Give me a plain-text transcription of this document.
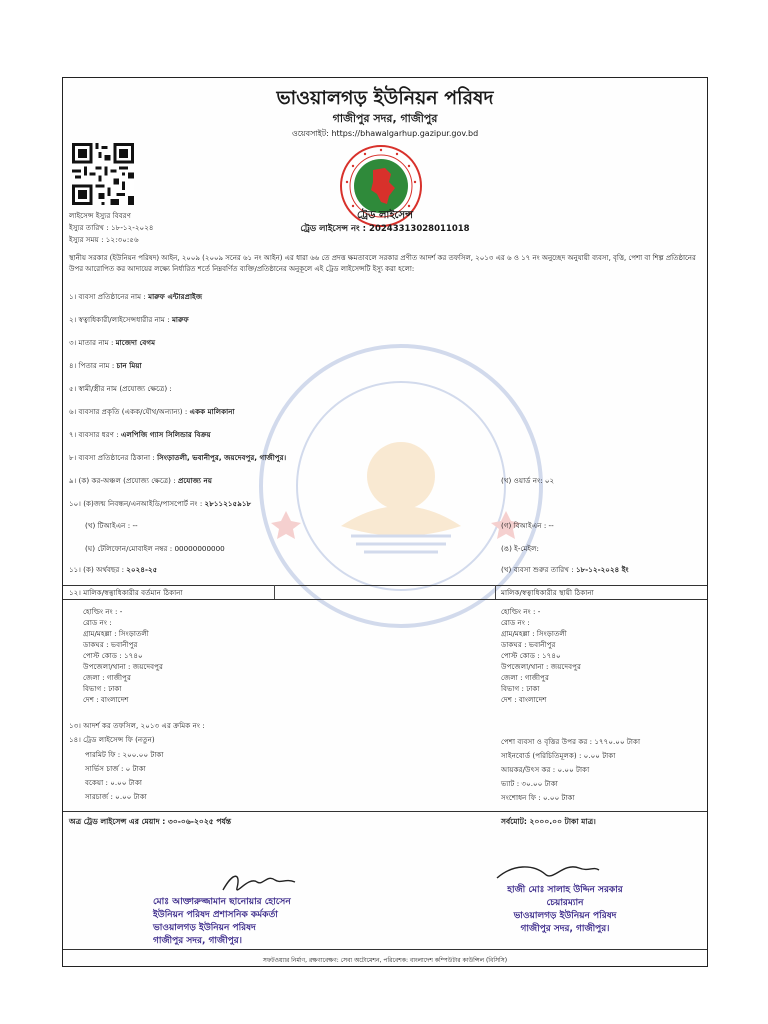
ভাওয়ালগড় ইউনিয়ন পরিষদ
গাজীপুর সদর, গাজীপুর
ওয়েবসাইট: https://bhawalgarhup.gazipur.gov.bd
লাইসেন্স ইস্যুর বিবরণ
ইস্যুর তারিখ : ১৮-১২-২০২৪
ইস্যুর সময় : ১২:৩০:৫৬
ট্রেড লাইসেন্স
ট্রেড লাইসেন্স নং : 20243313028011018
স্থানীয় সরকার (ইউনিয়ন পরিষদ) আইন, ২০০৯ (২০০৯ সনের ৬১ নং আইন) এর ধারা ৬৬ তে প্রদত্ত ক্ষমতাবলে সরকার প্রণীত আদর্শ কর তফসিল, ২০১৩ এর ৬ ও ১৭ নং অনুচ্ছেদ অনুযায়ী ব্যবসা, বৃত্তি, পেশা বা শিল্প প্রতিষ্ঠানের উপর আরোপিত কর আদায়ের লক্ষ্যে নির্ধারিত শর্তে নিম্নবর্ণিত ব্যক্তি/প্রতিষ্ঠানের অনুকূলে এই ট্রেড লাইসেন্সটি ইস্যু করা হলো:
১। ব্যবসা প্রতিষ্ঠানের নাম : মারুফ এন্টারপ্রাইজ
২। স্বত্বাধিকারী/লাইসেন্সধারীর নাম : মারুফ
৩। মাতার নাম : মাজেদা বেগম
৪। পিতার নাম : চান মিয়া
৫। স্বামী/স্ত্রীর নাম (প্রযোজ্য ক্ষেত্রে) :
৬। ব্যবসার প্রকৃতি (একক/যৌথ/অন্যান্য) : একক মালিকানা
৭। ব্যবসার ধরণ : এলপিজি গ্যাস সিলিন্ডার বিক্রয়
৮। ব্যবসা প্রতিষ্ঠানের ঠিকানা : সিংড়াতলী, ভবানীপুর, জয়দেবপুর, গাজীপুর।
৯। (ক) কর-অঞ্চল (প্রযোজ্য ক্ষেত্রে) : প্রযোজ্য নয়	(খ) ওয়ার্ড নং: ০২
১০। (ক)জন্ম নিবন্ধন/এনআইডি/পাসপোর্ট নং : ২৮১১২১৫৯১৮
(খ) টিআইএন : --	(গ) বিআইএন : --
(ঘ) টেলিফোন/মোবাইল নম্বর : 00000000000	(ঙ) ই-মেইল:
১১। (ক) অর্থবছর : ২০২৪-২৫	(খ) ব্যবসা শুরুর তারিখ : ১৮-১২-২০২৪ ইং
১২। মালিক/স্বত্বাধিকারীর বর্তমান ঠিকানা	মালিক/স্বত্বাধিকারীর স্থায়ী ঠিকানা
হোল্ডিং নং : -
রোড নং :
গ্রাম/মহল্লা : সিংড়াতলী
ডাকঘর : ভবানীপুর
পোস্ট কোড : ১৭৪০
উপজেলা/থানা : জয়দেবপুর
জেলা : গাজীপুর
বিভাগ : ঢাকা
দেশ : বাংলাদেশ
হোল্ডিং নং : -
রোড নং :
গ্রাম/মহল্লা : সিংড়াতলী
ডাকঘর : ভবানীপুর
পোস্ট কোড : ১৭৪০
উপজেলা/থানা : জয়দেবপুর
জেলা : গাজীপুর
বিভাগ : ঢাকা
দেশ : বাংলাদেশ
১৩। আদর্শ কর তফসিল, ২০১৩ এর ক্রমিক নং :
১৪। ট্রেড লাইসেন্স ফি (নতুন)
পারমিট ফি : ২০০.০০ টাকা
সার্ভিস চার্জ : ০ টাকা
বকেয়া : ০.০০ টাকা
সারচার্জ : ০.০০ টাকা
পেশা ব্যবসা ও বৃত্তির উপর কর : ১৭৭০.০০ টাকা
সাইনবোর্ড (পরিচিতিমূলক) : ০.০০ টাকা
আয়কর/উৎস কর : ০.০০ টাকা
ভ্যাট : ৩০.০০ টাকা
সংশোধন ফি : ০.০০ টাকা
অত্র ট্রেড লাইসেন্স এর মেয়াদ : ৩০-০৬-২০২৫ পর্যন্ত	সর্বমোট: ২০০০.০০ টাকা মাত্র।
মোঃ আক্তারুজ্জামান ছানোয়ার হোসেন
ইউনিয়ন পরিষদ প্রশাসনিক কর্মকর্তা
ভাওয়ালগড় ইউনিয়ন পরিষদ
গাজীপুর সদর, গাজীপুর।
হাজী মোঃ সালাহ উদ্দিন সরকার
চেয়ারম্যান
ভাওয়ালগড় ইউনিয়ন পরিষদ
গাজীপুর সদর, গাজীপুর।
সফটওয়্যার নির্মাণ, রক্ষণাবেক্ষণ: সেবা অটোমেশন, পরিবেশক: বাংলাদেশ কম্পিউটার কাউন্সিল (বিসিসি)
